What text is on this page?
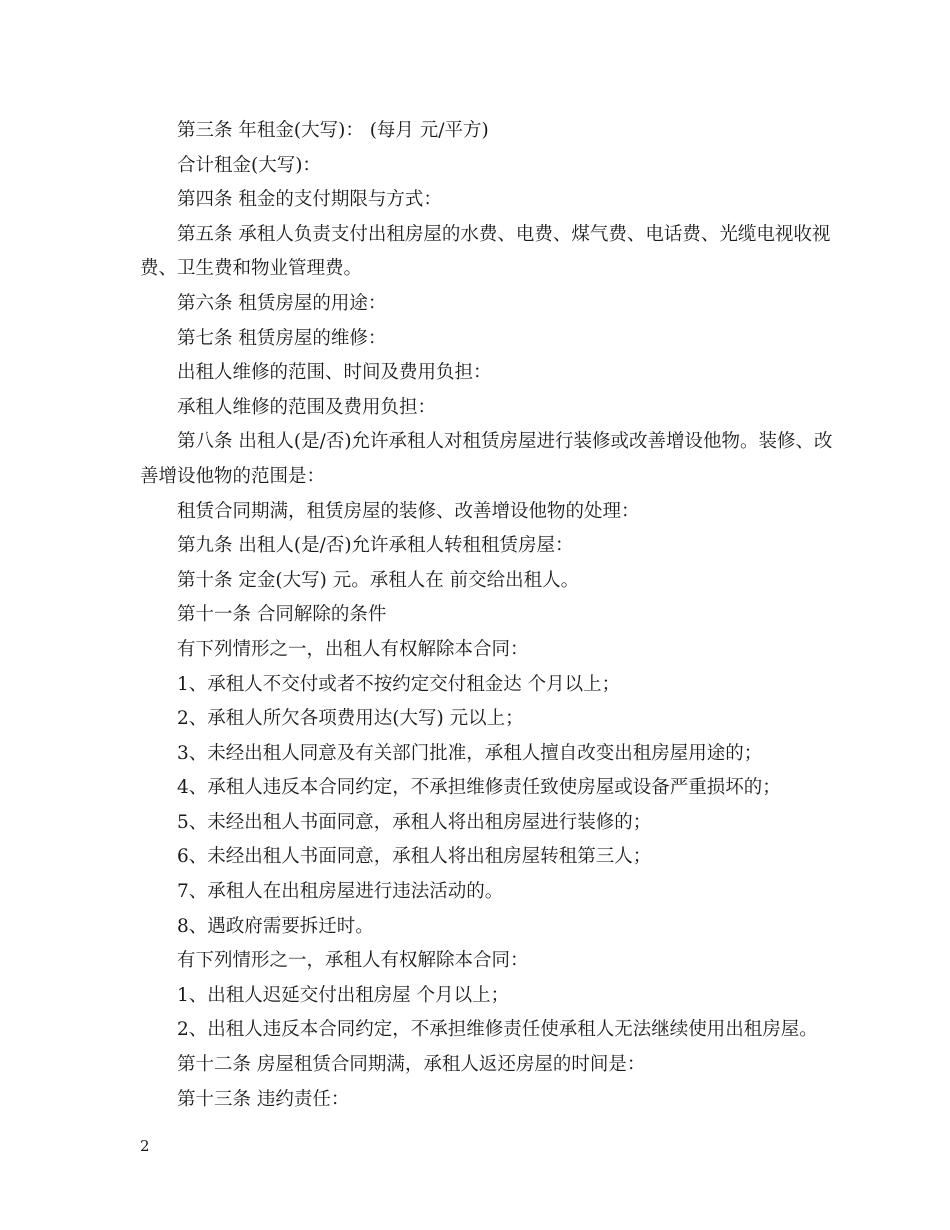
第三条 年租金(大写)： (每月 元/平方)

合计租金(大写)：

第四条 租金的支付期限与方式：

第五条 承租人负责支付出租房屋的水费、电费、煤气费、电话费、光缆电视收视费、卫生费和物业管理费。

第六条 租赁房屋的用途：

第七条 租赁房屋的维修：

出租人维修的范围、时间及费用负担：

承租人维修的范围及费用负担：

第八条 出租人(是/否)允许承租人对租赁房屋进行装修或改善增设他物。装修、改善增设他物的范围是：

租赁合同期满，租赁房屋的装修、改善增设他物的处理：

第九条 出租人(是/否)允许承租人转租租赁房屋：

第十条 定金(大写) 元。承租人在 前交给出租人。

第十一条 合同解除的条件

有下列情形之一，出租人有权解除本合同：

1、承租人不交付或者不按约定交付租金达 个月以上；

2、承租人所欠各项费用达(大写) 元以上；

3、未经出租人同意及有关部门批准，承租人擅自改变出租房屋用途的；

4、承租人违反本合同约定，不承担维修责任致使房屋或设备严重损坏的；

5、未经出租人书面同意，承租人将出租房屋进行装修的；

6、未经出租人书面同意，承租人将出租房屋转租第三人；

7、承租人在出租房屋进行违法活动的。

8、遇政府需要拆迁时。

有下列情形之一，承租人有权解除本合同：

1、出租人迟延交付出租房屋 个月以上；

2、出租人违反本合同约定，不承担维修责任使承租人无法继续使用出租房屋。

第十二条 房屋租赁合同期满，承租人返还房屋的时间是：

第十三条 违约责任：

2
